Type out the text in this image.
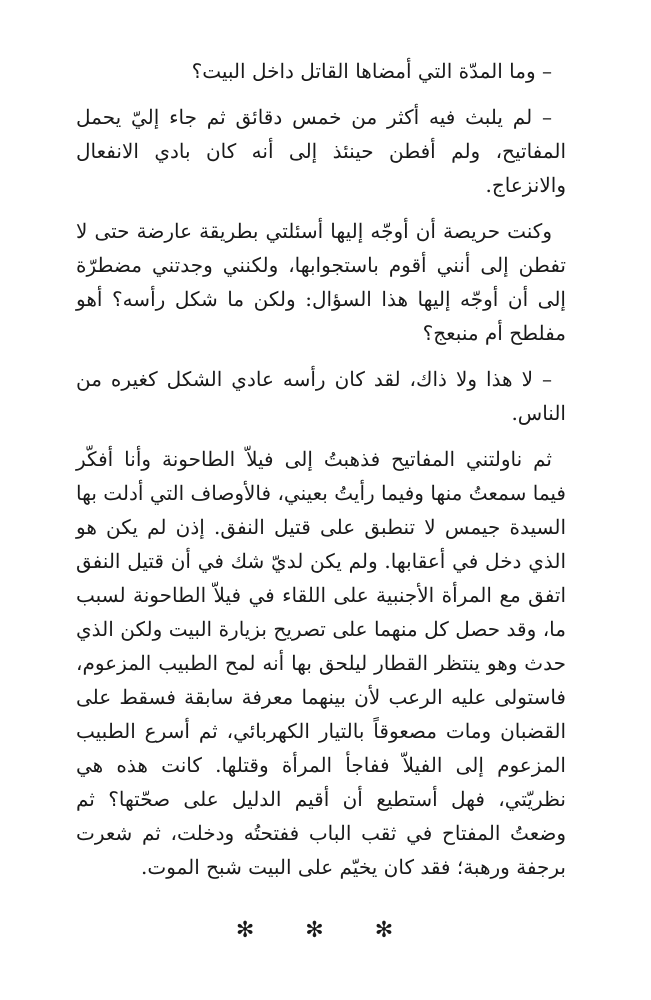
– وما المدّة التي أمضاها القاتل داخل البيت؟

– لم يلبث فيه أكثر من خمس دقائق ثم جاء إليّ يحمل المفاتيح، ولم أفطن حينئذ إلى أنه كان بادي الانفعال والانزعاج.

وكنت حريصة أن أوجّه إليها أسئلتي بطريقة عارضة حتى لا تفطن إلى أنني أقوم باستجوابها، ولكنني وجدتني مضطرّة إلى أن أوجّه إليها هذا السؤال: ولكن ما شكل رأسه؟ أهو مفلطح أم منبعج؟

– لا هذا ولا ذاك، لقد كان رأسه عادي الشكل كغيره من الناس.

ثم ناولتني المفاتيح فذهبتُ إلى فيلاّ الطاحونة وأنا أفكّر فيما سمعتُ منها وفيما رأيتُ بعيني، فالأوصاف التي أدلت بها السيدة جيمس لا تنطبق على قتيل النفق. إذن لم يكن هو الذي دخل في أعقابها. ولم يكن لديّ شك في أن قتيل النفق اتفق مع المرأة الأجنبية على اللقاء في فيلاّ الطاحونة لسبب ما، وقد حصل كل منهما على تصريح بزيارة البيت ولكن الذي حدث وهو ينتظر القطار ليلحق بها أنه لمح الطبيب المزعوم، فاستولى عليه الرعب لأن بينهما معرفة سابقة فسقط على القضبان ومات مصعوقاً بالتيار الكهربائي، ثم أسرع الطبيب المزعوم إلى الفيلاّ ففاجأ المرأة وقتلها. كانت هذه هي نظريّتي، فهل أستطيع أن أقيم الدليل على صحّتها؟ ثم وضعتُ المفتاح في ثقب الباب ففتحتُه ودخلت، ثم شعرت برجفة ورهبة؛ فقد كان يخيّم على البيت شبح الموت.

✻ ✻ ✻
